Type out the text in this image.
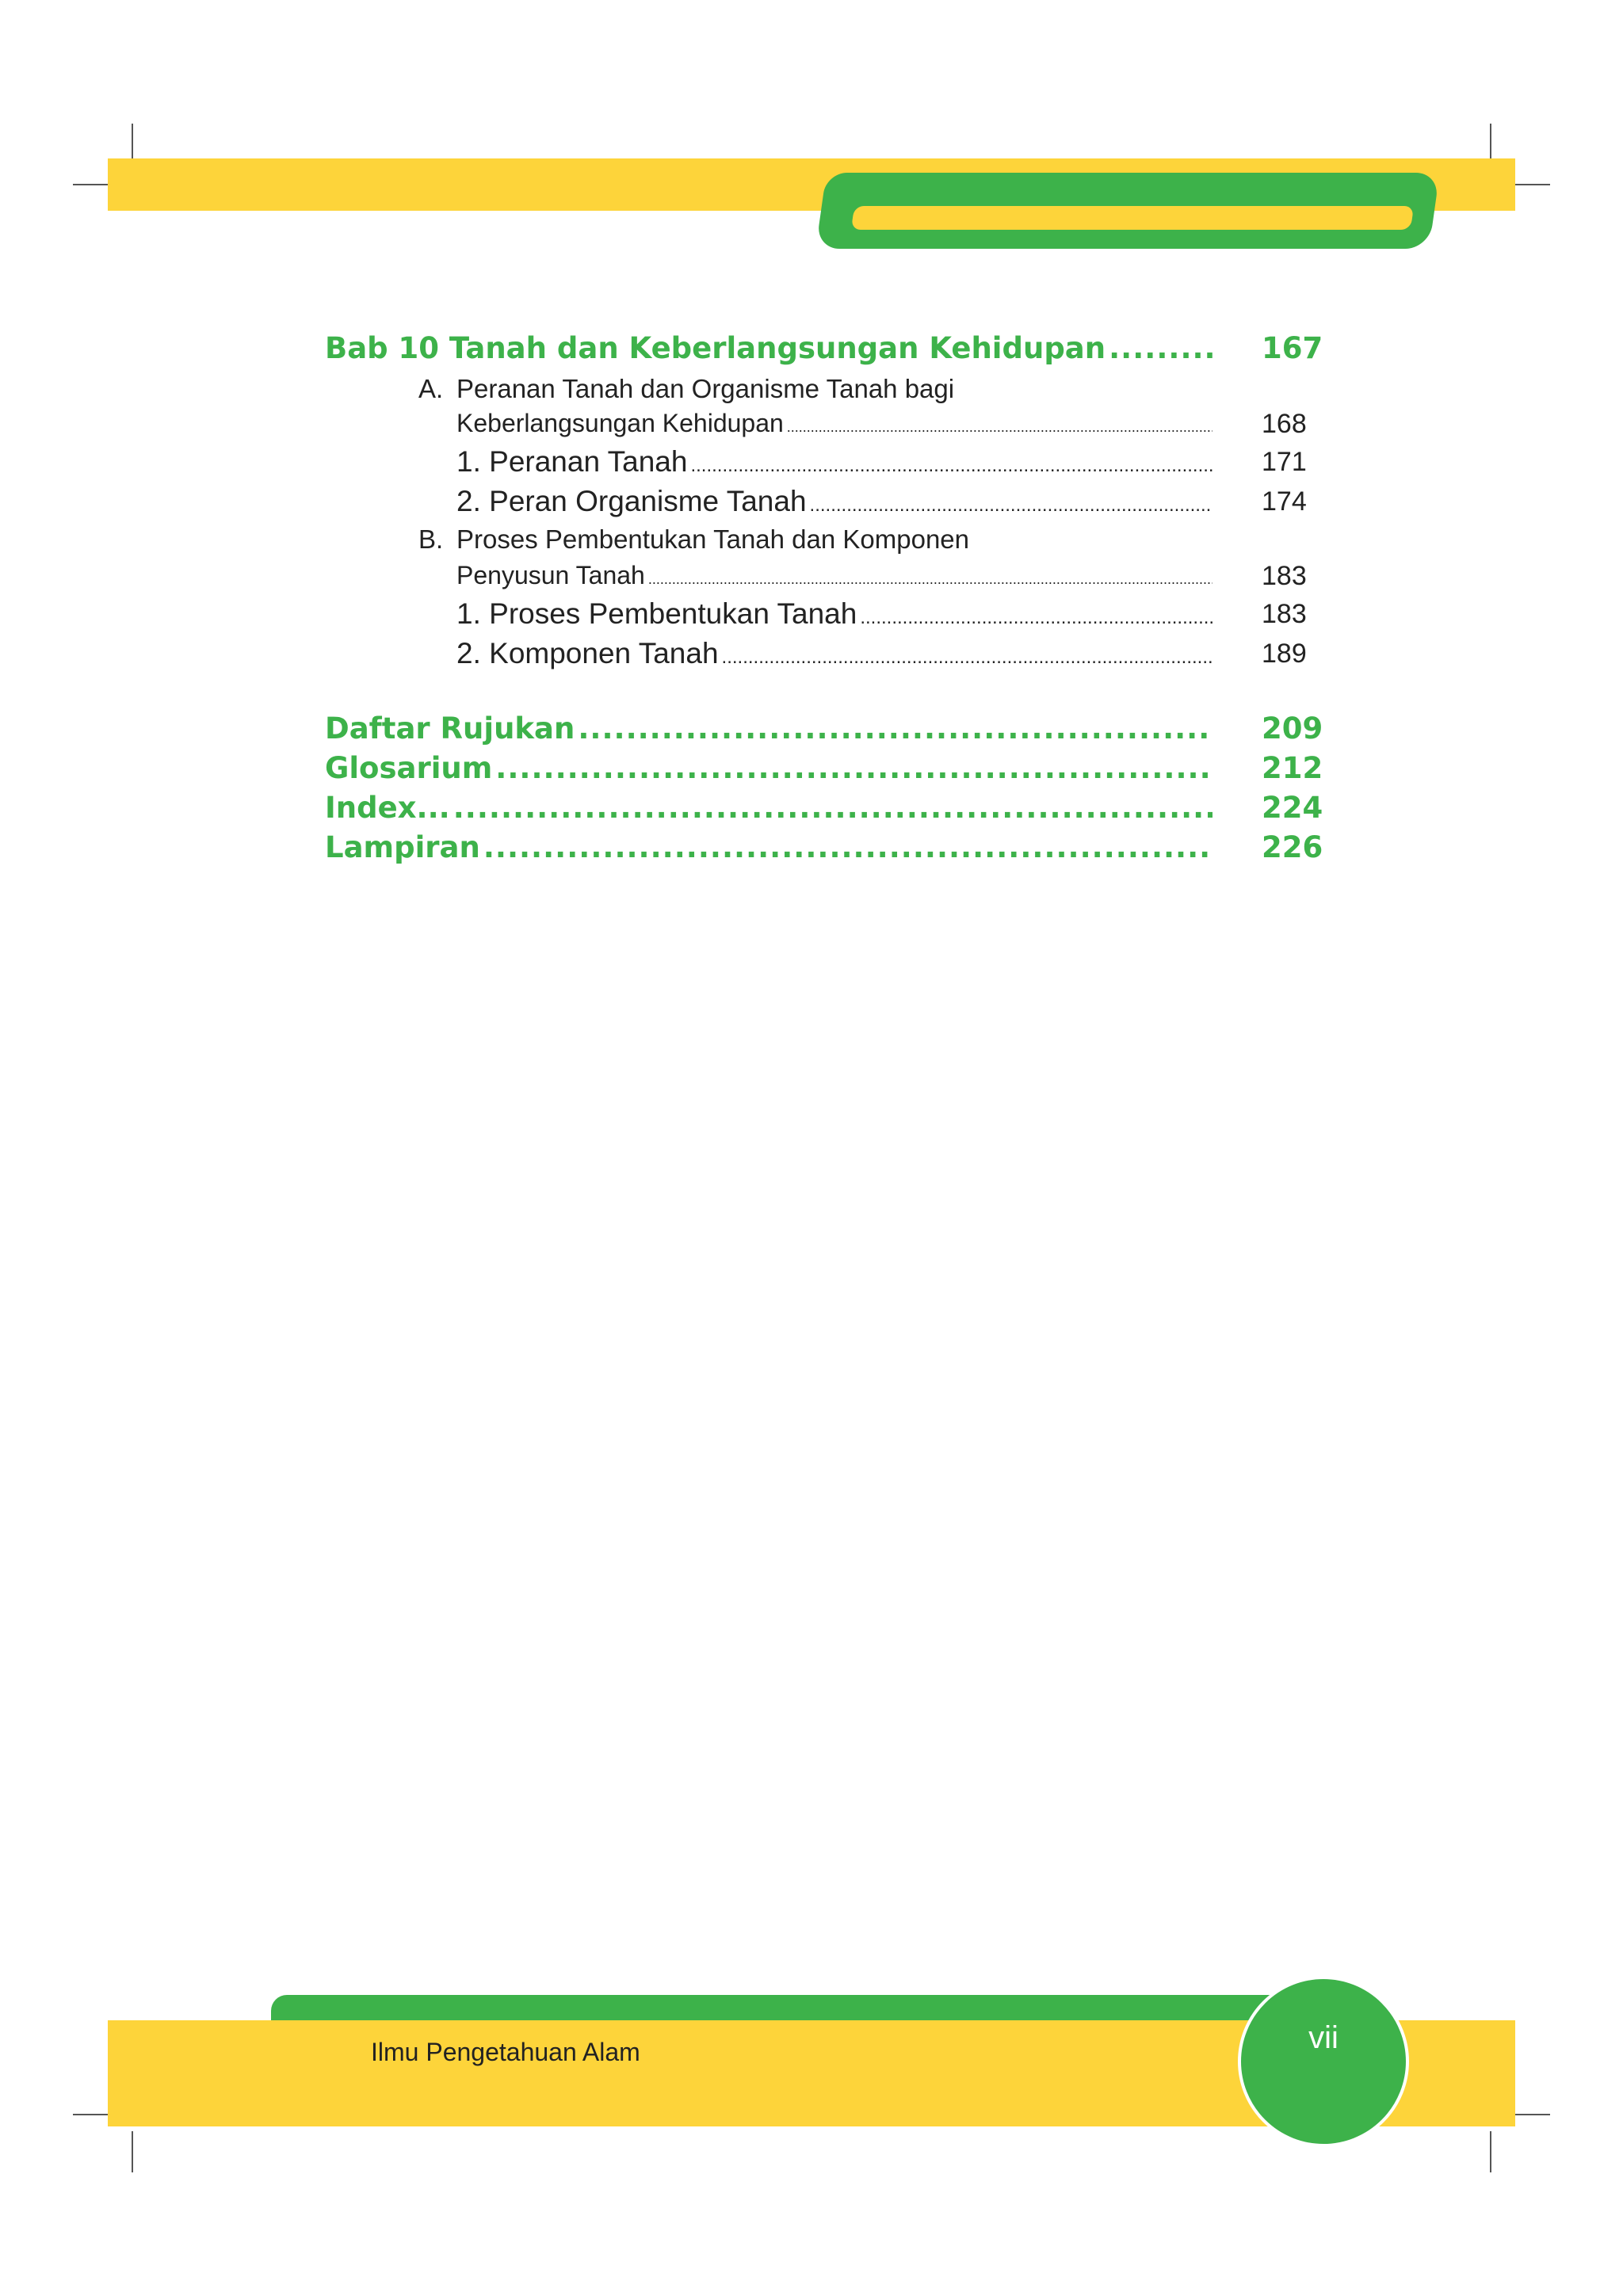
Bab 10 Tanah dan Keberlangsungan Kehidupan .....	167
A. Peranan Tanah dan Organisme Tanah bagi
Keberlangsungan Kehidupan .....	168
1. Peranan Tanah .....	171
2. Peran Organisme Tanah .....	174
B. Proses Pembentukan Tanah dan Komponen
Penyusun Tanah .....	183
1. Proses Pembentukan Tanah .....	183
2. Komponen Tanah .....	189
Daftar Rujukan .....	209
Glosarium .....	212
Index... .....	224
Lampiran .....	226
vii
Ilmu Pengetahuan Alam
